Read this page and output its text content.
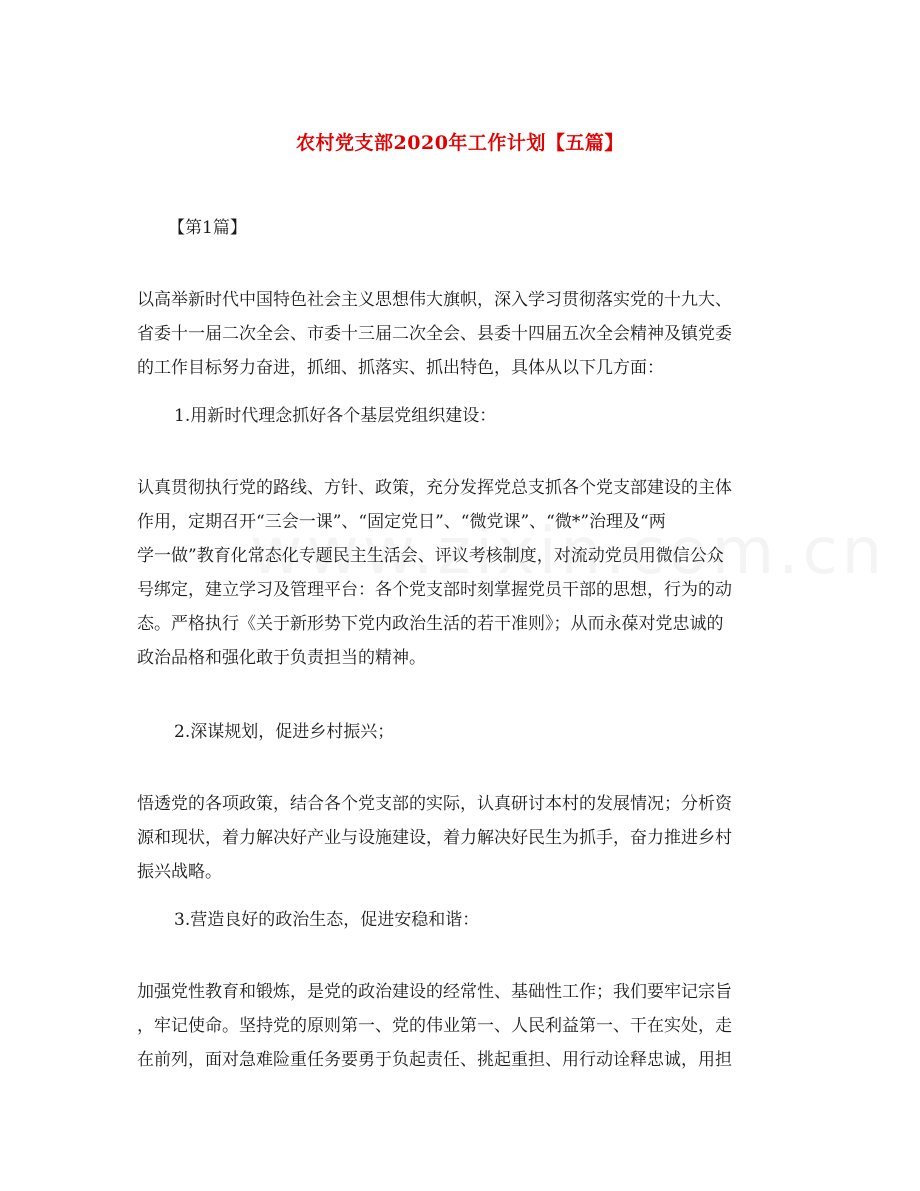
农村党支部2020年工作计划【五篇】
【第1篇】
以高举新时代中国特色社会主义思想伟大旗帜，深入学习贯彻落实党的十九大、
省委十一届二次全会、市委十三届二次全会、县委十四届五次全会精神及镇党委
的工作目标努力奋进，抓细、抓落实、抓出特色，具体从以下几方面：
1.用新时代理念抓好各个基层党组织建设：
认真贯彻执行党的路线、方针、政策，充分发挥党总支抓各个党支部建设的主体
作用，定期召开“三会一课”、“固定党日”、“微党课”、“微*”治理及“两
学一做”教育化常态化专题民主生活会、评议考核制度，对流动党员用微信公众
号绑定，建立学习及管理平台：各个党支部时刻掌握党员干部的思想，行为的动
态。严格执行《关于新形势下党内政治生活的若干准则》；从而永葆对党忠诚的
政治品格和强化敢于负责担当的精神。
2.深谋规划，促进乡村振兴；
悟透党的各项政策，结合各个党支部的实际，认真研讨本村的发展情况；分析资
源和现状，着力解决好产业与设施建设，着力解决好民生为抓手，奋力推进乡村
振兴战略。
3.营造良好的政治生态，促进安稳和谐：
加强党性教育和锻炼，是党的政治建设的经常性、基础性工作；我们要牢记宗旨
，牢记使命。坚持党的原则第一、党的伟业第一、人民利益第一、干在实处，走
在前列，面对急难险重任务要勇于负起责任、挑起重担、用行动诠释忠诚，用担
